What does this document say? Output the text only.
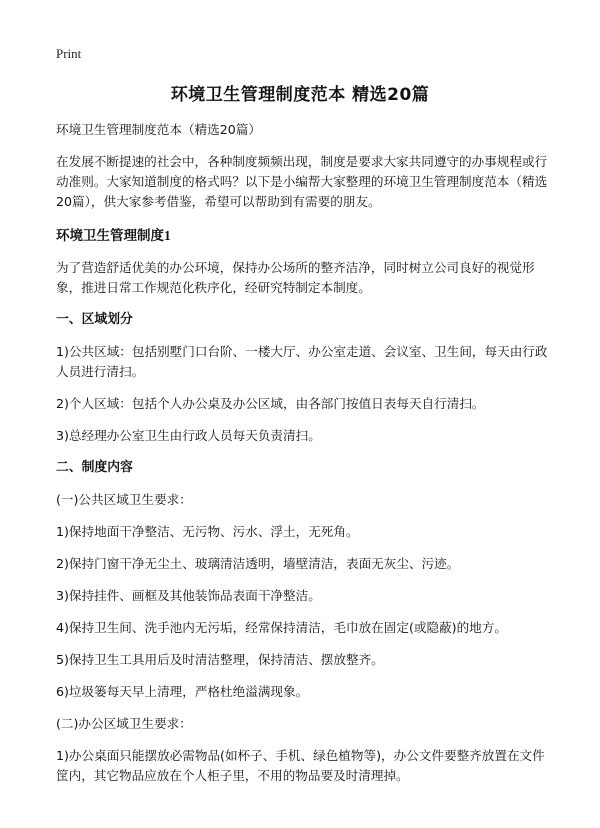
Print
环境卫生管理制度范本 精选20篇

环境卫生管理制度范本（精选20篇）

在发展不断提速的社会中，各种制度频频出现，制度是要求大家共同遵守的办事规程或行动准则。大家知道制度的格式吗？以下是小编帮大家整理的环境卫生管理制度范本（精选20篇），供大家参考借鉴，希望可以帮助到有需要的朋友。

环境卫生管理制度1

为了营造舒适优美的办公环境，保持办公场所的整齐洁净，同时树立公司良好的视觉形象，推进日常工作规范化秩序化，经研究特制定本制度。

一、区域划分

1)公共区域：包括别墅门口台阶、一楼大厅、办公室走道、会议室、卫生间，每天由行政人员进行清扫。

2)个人区域：包括个人办公桌及办公区域，由各部门按值日表每天自行清扫。

3)总经理办公室卫生由行政人员每天负责清扫。

二、制度内容

(一)公共区域卫生要求：

1)保持地面干净整洁、无污物、污水、浮土，无死角。

2)保持门窗干净无尘土、玻璃清洁透明，墙壁清洁，表面无灰尘、污迹。

3)保持挂件、画框及其他装饰品表面干净整洁。

4)保持卫生间、洗手池内无污垢，经常保持清洁，毛巾放在固定(或隐蔽)的地方。

5)保持卫生工具用后及时清洁整理，保持清洁、摆放整齐。

6)垃圾篓每天早上清理，严格杜绝溢满现象。

(二)办公区域卫生要求：

1)办公桌面只能摆放必需物品(如杯子、手机、绿色植物等)，办公文件要整齐放置在文件筐内，其它物品应放在个人柜子里，不用的物品要及时清理掉。
